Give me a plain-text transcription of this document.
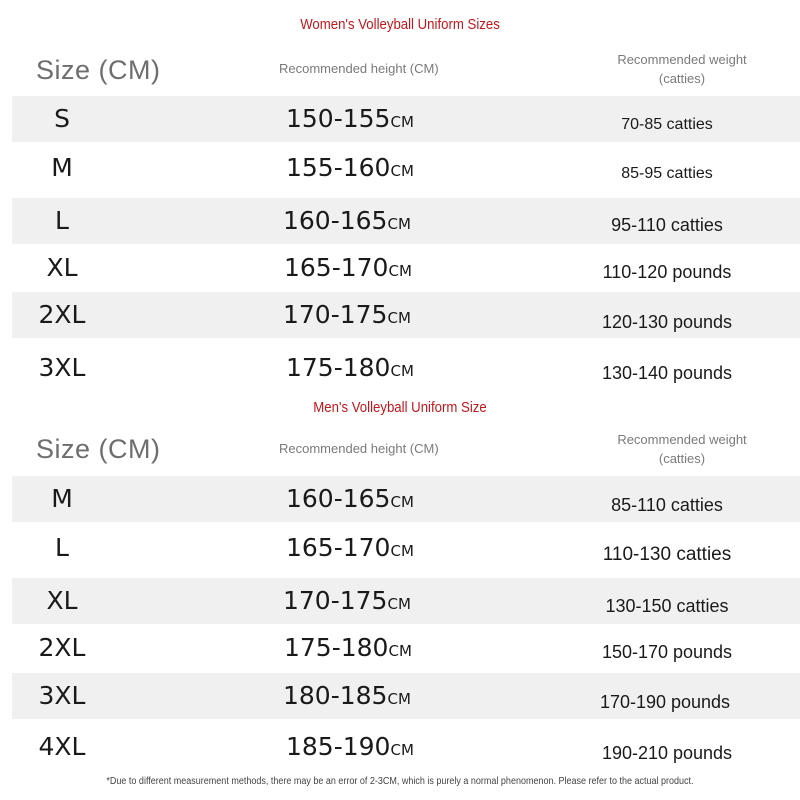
Women's Volleyball Uniform Sizes
Size (CM)	Recommended height (CM)
Recommended weight
(catties)
S	150-155CM	70-85 catties
M	155-160CM	85-95 catties
L	160-165CM	95-110 catties
XL	165-170CM	110-120 pounds
2XL	170-175CM	120-130 pounds
3XL	175-180CM	130-140 pounds
Men's Volleyball Uniform Size
Size (CM)	Recommended height (CM)
Recommended weight
(catties)
M	160-165CM	85-110 catties
L	165-170CM	110-130 catties
XL	170-175CM	130-150 catties
2XL	175-180CM	150-170 pounds
3XL	180-185CM	170-190 pounds
4XL	185-190CM	190-210 pounds
*Due to different measurement methods, there may be an error of 2-3CM, which is purely a normal phenomenon. Please refer to the actual product.
